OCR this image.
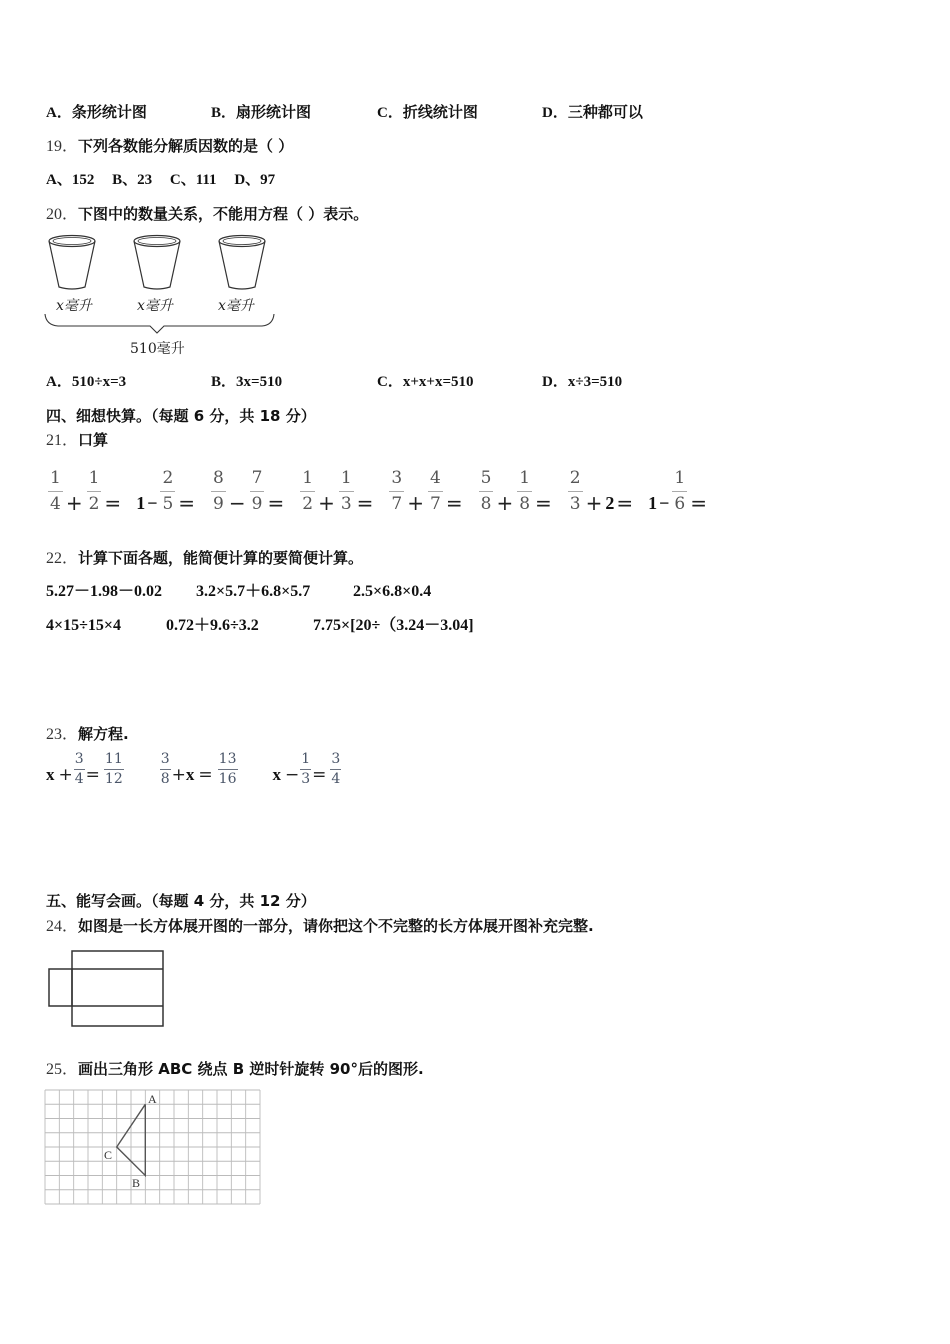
A．条形统计图	B．扇形统计图	C．折线统计图	D．三种都可以
19．下列各数能分解质因数的是（ ）
A、152 B、23 C、111 D、97
20．下图中的数量关系，不能用方程（ ）表示。
x毫升	x毫升	x毫升
510毫升
A
C
B
A．510÷x=3	B．3x=510	C．x+x+x=510	D．x÷3=510
四、细想快算。（每题 6 分，共 18 分）
21．口算
$\frac{1}{4} + \frac{1}{2} = 1 - \frac{2}{5} = \frac{8}{9} - \frac{7}{9} = \frac{1}{2} + \frac{1}{3} = \frac{3}{7} + \frac{4}{7} = \frac{5}{8} + \frac{1}{8} = \frac{2}{3} + 2 = 1 - \frac{1}{6}$ =
22．计算下面各题，能简便计算的要简便计算。
5.27－1.98－0.02 3.2×5.7＋6.8×5.7	2.5×6.8×0.4
4×15÷15×4	0.72＋9.6÷3.2	7.75×[20÷（3.24－3.04]
23．解方程.
$x + \frac{3}{4} = \frac{11}{12}$	$\frac{3}{8} + x = \frac{13}{16}$ $x - \frac{1}{3} = \frac{3}{4}$
五、能写会画。（每题 4 分，共 12 分）
24．如图是一长方体展开图的一部分，请你把这个不完整的长方体展开图补充完整.
25．画出三角形 ABC 绕点 B 逆时针旋转 90°后的图形.
